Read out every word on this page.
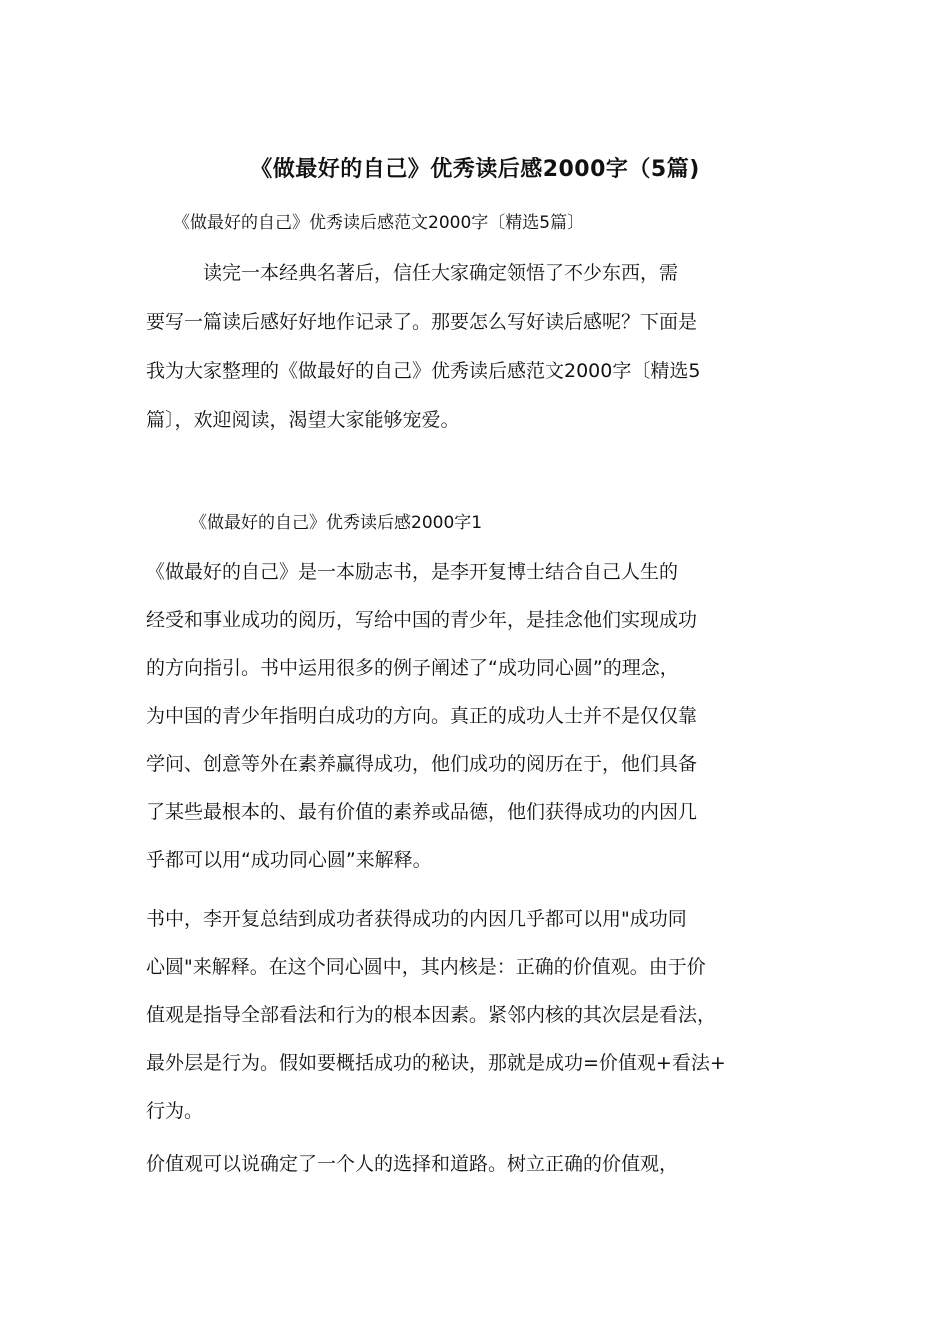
《做最好的自己》优秀读后感2000字（5篇)
《做最好的自己》优秀读后感范文2000字〔精选5篇〕
　　　读完一本经典名著后，信任大家确定领悟了不少东西，需
要写一篇读后感好好地作记录了。那要怎么写好读后感呢？下面是
我为大家整理的《做最好的自己》优秀读后感范文2000字〔精选5
篇〕，欢迎阅读，渴望大家能够宠爱。
《做最好的自己》优秀读后感2000字1
《做最好的自己》是一本励志书，是李开复博士结合自己人生的
经受和事业成功的阅历，写给中国的青少年，是挂念他们实现成功
的方向指引。书中运用很多的例子阐述了“成功同心圆”的理念，
为中国的青少年指明白成功的方向。真正的成功人士并不是仅仅靠
学问、创意等外在素养赢得成功，他们成功的阅历在于，他们具备
了某些最根本的、最有价值的素养或品德，他们获得成功的内因几
乎都可以用“成功同心圆”来解释。
书中，李开复总结到成功者获得成功的内因几乎都可以用"成功同
心圆"来解释。在这个同心圆中，其内核是：正确的价值观。由于价
值观是指导全部看法和行为的根本因素。紧邻内核的其次层是看法，
最外层是行为。假如要概括成功的秘诀，那就是成功=价值观+看法+
行为。
价值观可以说确定了一个人的选择和道路。树立正确的价值观，
